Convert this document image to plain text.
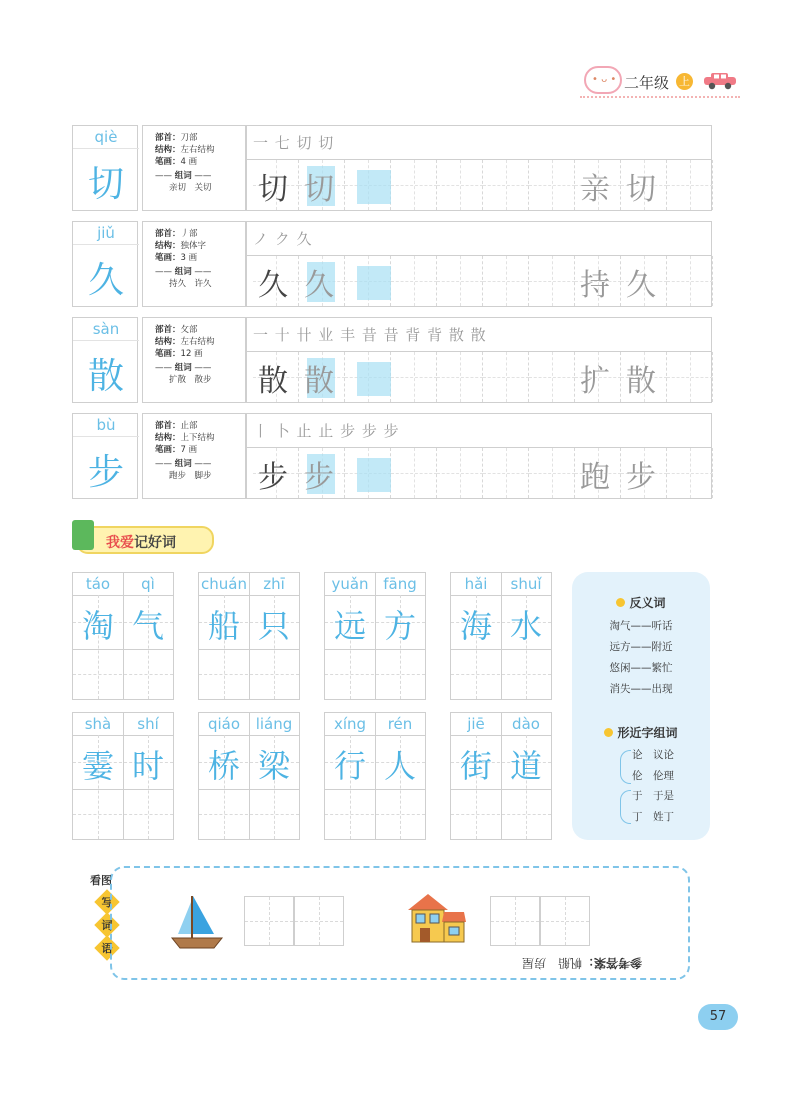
• ᴗ • 二年级 上
qiè
切
部首：刀部
结构：左右结构
笔画：4 画
—— 组词 ——
亲切　关切
一 七 切 切
切 切	亲 切
jiǔ
久
部首：丿部
结构：独体字
笔画：3 画
—— 组词 ——
持久　许久
ノ ク 久
久 久	持 久
sàn
散
部首：攵部
结构：左右结构
笔画：12 画
—— 组词 ——
扩散　散步
一 十 卄 业 丰 昔 昔 背 背 散 散
散 散	扩 散
bù
步
部首：止部
结构：上下结构
笔画：7 画
—— 组词 ——
跑步　脚步
丨 卜 止 止 步 步 步
步 步	跑 步
我爱记好词
táo	qì
淘 气
chuán	zhī
船 只
yuǎn fāng
远 方
hǎi	shuǐ
海 水
shà	shí
霎 时
qiáo	liáng
桥 梁
xíng	rén
行 人
jiē	dào
街 道
反义词
淘气——听话
远方——附近
悠闲——繁忙
消失——出现
形近字组词
论　 议论
伦　 伦理
于　 于是
丁　 姓丁
看图
写
词
语
参考答案：帆船　房屋
57
